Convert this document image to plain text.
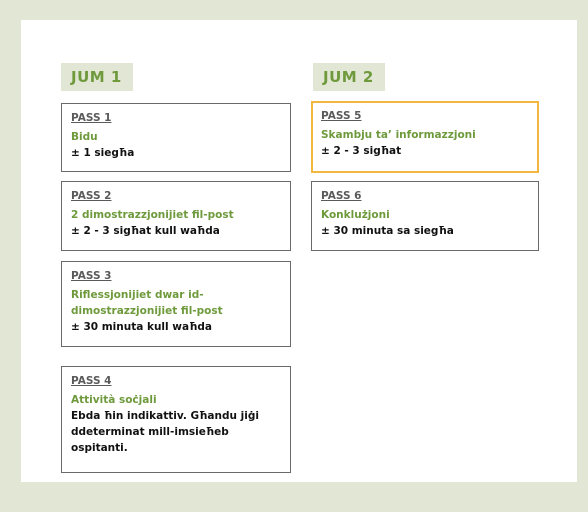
JUM 1	JUM 2
PASS 1
Bidu
± 1 siegħa
PASS 2
2 dimostrazzjonijiet fil-post
± 2 - 3 sigħat kull waħda
PASS 3
Riflessjonijiet dwar id-dimostrazzjonijiet fil-post
± 30 minuta kull waħda
PASS 4
Attività soċjali
Ebda ħin indikattiv. Għandu jiġi ddeterminat mill-imsieħeb ospitanti.
PASS 5
Skambju ta’ informazzjoni
± 2 - 3 sigħat
PASS 6
Konklużjoni
± 30 minuta sa siegħa
